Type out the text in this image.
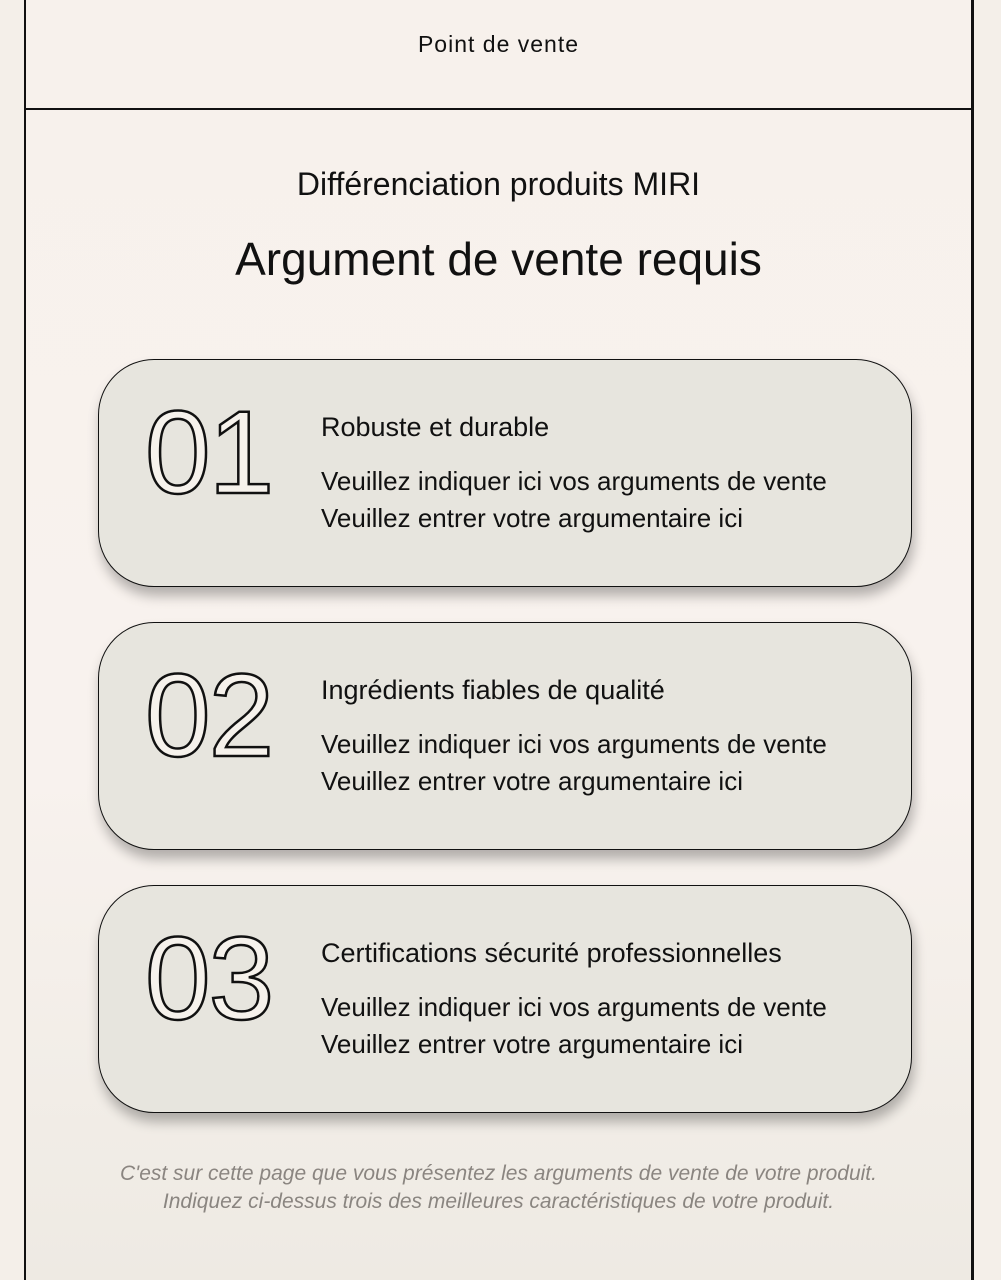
Point de vente
Différenciation produits MIRI
Argument de vente requis
01 Robuste et durable
Veuillez indiquer ici vos arguments de vente
Veuillez entrer votre argumentaire ici
02 Ingrédients fiables de qualité
Veuillez indiquer ici vos arguments de vente
Veuillez entrer votre argumentaire ici
03 Certifications sécurité professionnelles
Veuillez indiquer ici vos arguments de vente
Veuillez entrer votre argumentaire ici
C'est sur cette page que vous présentez les arguments de vente de votre produit.
Indiquez ci-dessus trois des meilleures caractéristiques de votre produit.
